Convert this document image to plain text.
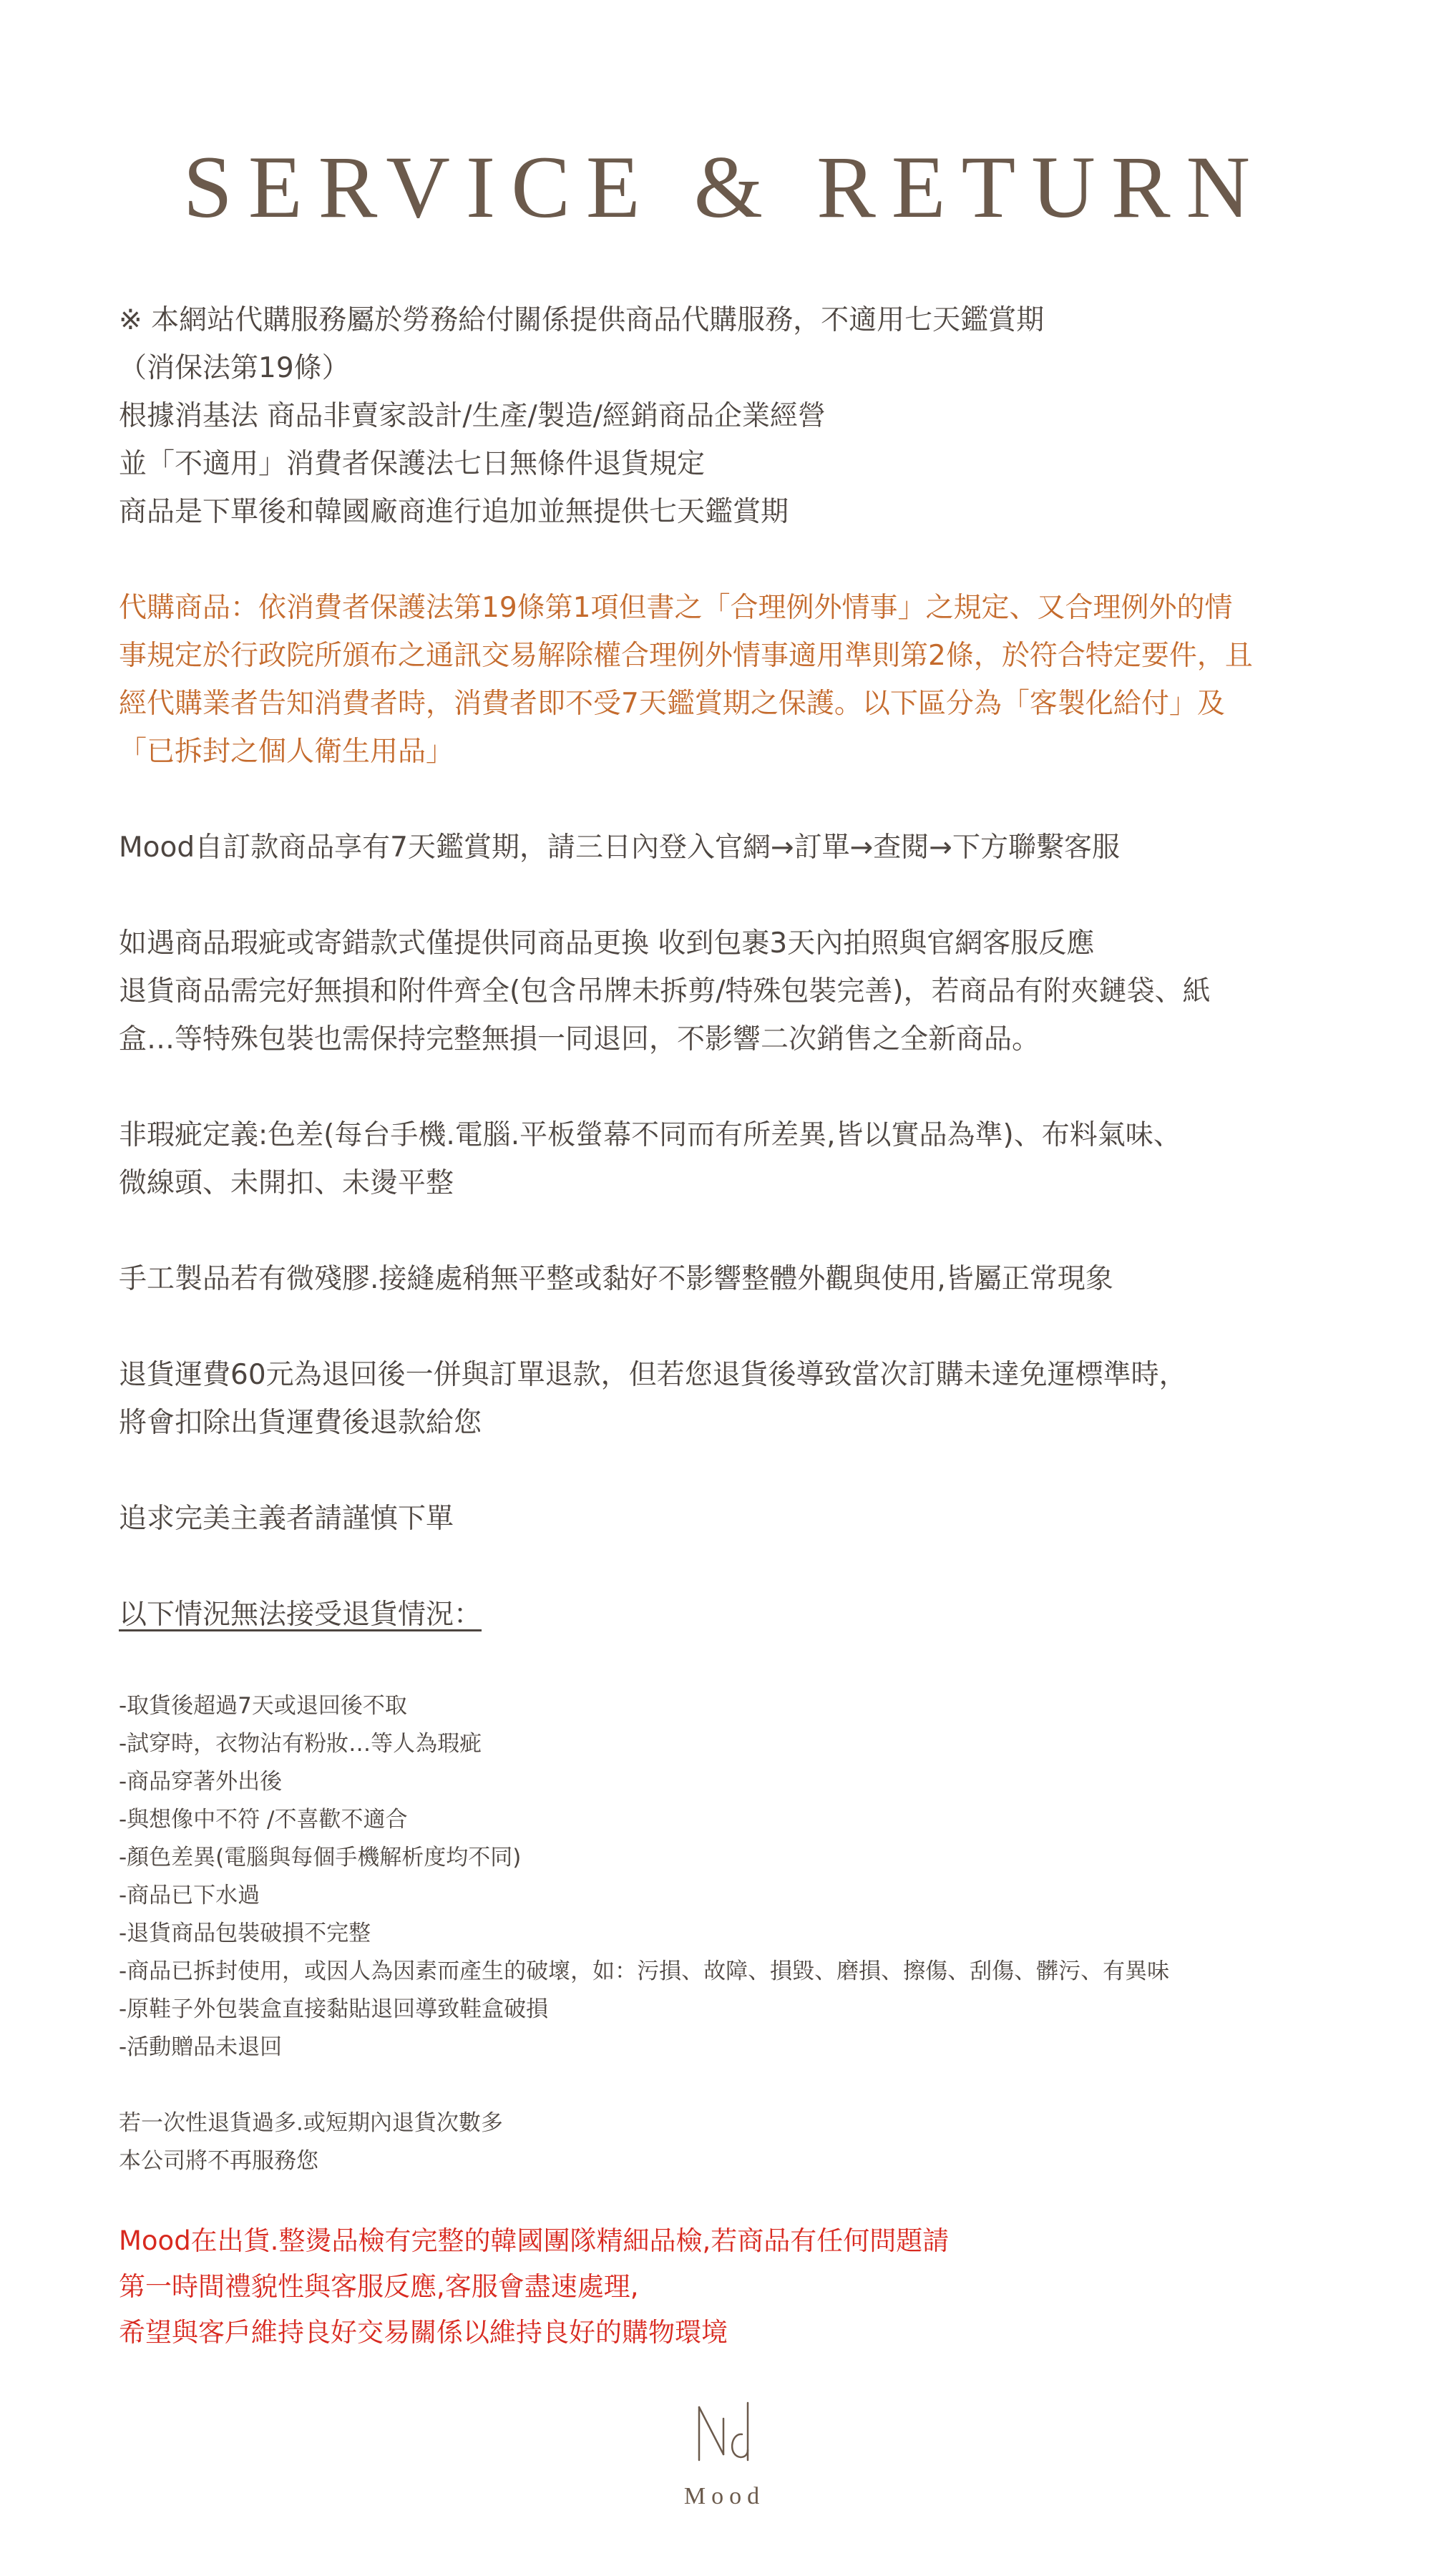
SERVICE & RETURN
※ 本網站代購服務屬於勞務給付關係提供商品代購服務，不適用七天鑑賞期
（消保法第19條）
根據消基法 商品非賣家設計/生產/製造/經銷商品企業經營
並「不適用」消費者保護法七日無條件退貨規定
商品是下單後和韓國廠商進行追加並無提供七天鑑賞期
代購商品：依消費者保護法第19條第1項但書之「合理例外情事」之規定、又合理例外的情
事規定於行政院所頒布之通訊交易解除權合理例外情事適用準則第2條，於符合特定要件，且
經代購業者告知消費者時，消費者即不受7天鑑賞期之保護。以下區分為「客製化給付」及
「已拆封之個人衛生用品」
Mood自訂款商品享有7天鑑賞期，請三日內登入官網→訂單→查閱→下方聯繫客服
如遇商品瑕疵或寄錯款式僅提供同商品更換 收到包裹3天內拍照與官網客服反應
退貨商品需完好無損和附件齊全(包含吊牌未拆剪/特殊包裝完善)，若商品有附夾鏈袋、紙
盒…等特殊包裝也需保持完整無損一同退回，不影響二次銷售之全新商品。
非瑕疵定義:色差(每台手機.電腦.平板螢幕不同而有所差異,皆以實品為準)、布料氣味、
微線頭、未開扣、未燙平整
手工製品若有微殘膠.接縫處稍無平整或黏好不影響整體外觀與使用,皆屬正常現象
退貨運費60元為退回後一併與訂單退款，但若您退貨後導致當次訂購未達免運標準時，
將會扣除出貨運費後退款給您
追求完美主義者請謹慎下單
以下情況無法接受退貨情況：
-取貨後超過7天或退回後不取
-試穿時，衣物沾有粉妝…等人為瑕疵
-商品穿著外出後
-與想像中不符 /不喜歡不適合
-顏色差異(電腦與每個手機解析度均不同)
-商品已下水過
-退貨商品包裝破損不完整
-商品已拆封使用，或因人為因素而產生的破壞，如：污損、故障、損毀、磨損、擦傷、刮傷、髒污、有異味
-原鞋子外包裝盒直接黏貼退回導致鞋盒破損
-活動贈品未退回
若一次性退貨過多.或短期內退貨次數多
本公司將不再服務您
Mood在出貨.整燙品檢有完整的韓國團隊精細品檢,若商品有任何問題請
第一時間禮貌性與客服反應,客服會盡速處理,
希望與客戶維持良好交易關係以維持良好的購物環境
Mood
